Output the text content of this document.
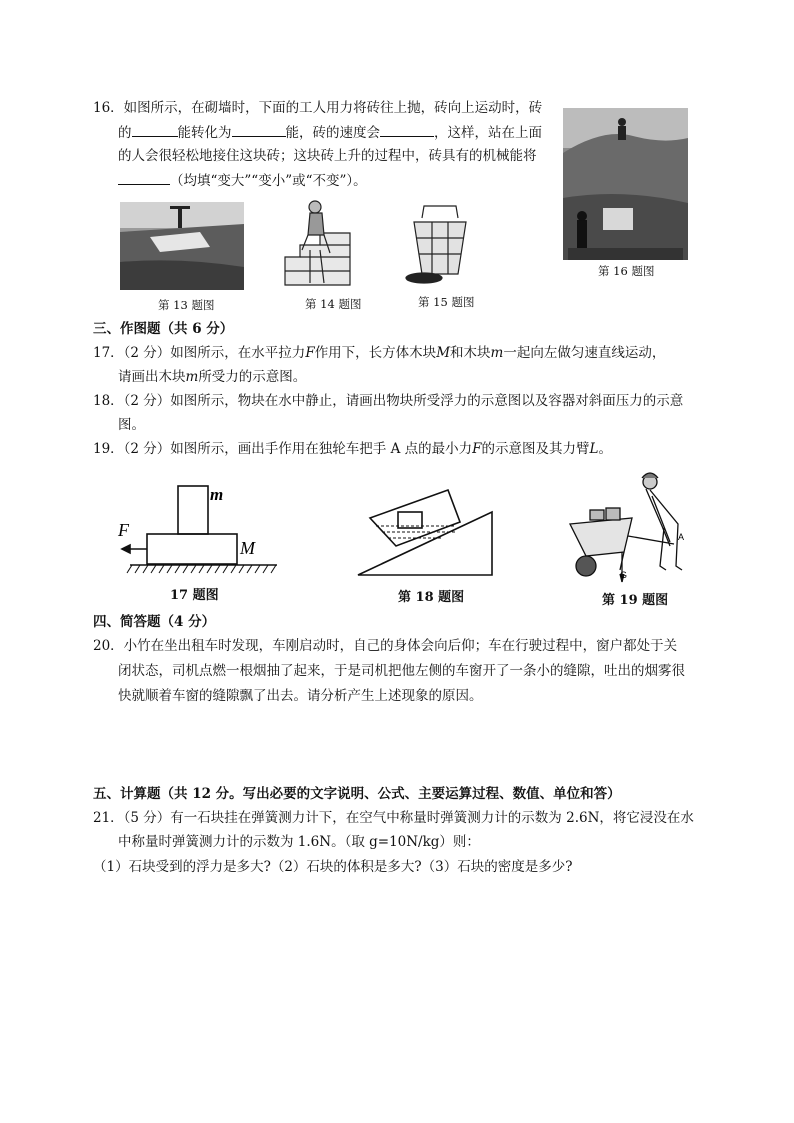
16．如图所示，在砌墙时，下面的工人用力将砖往上抛，砖向上运动时，砖
的	能转化为	能，砖的速度会	，这样，站在上面
的人会很轻松地接住这块砖；这块砖上升的过程中，砖具有的机械能将
（均填“变大”“变小”或“不变”）。
第 16 题图
第 13 题图	第 14 题图	第 15 题图
三、作图题（共 6 分）
17．（2 分）如图所示，在水平拉力F作用下，长方体木块M和木块m一起向左做匀速直线运动，
请画出木块m所受力的示意图。
18．（2 分）如图所示，物块在水中静止，请画出物块所受浮力的示意图以及容器对斜面压力的示意
图。
19．（2 分）如图所示，画出手作用在独轮车把手 A 点的最小力F的示意图及其力臂L。
F
m
M
17 题图	第 18 题图
A
G
第 19 题图
四、简答题（4 分）
20．小竹在坐出租车时发现，车刚启动时，自己的身体会向后仰；车在行驶过程中，窗户都处于关
闭状态，司机点燃一根烟抽了起来，于是司机把他左侧的车窗开了一条小的缝隙，吐出的烟雾很
快就顺着车窗的缝隙飘了出去。请分析产生上述现象的原因。
五、计算题（共 12 分。写出必要的文字说明、公式、主要运算过程、数值、单位和答）
21．（5 分）有一石块挂在弹簧测力计下，在空气中称量时弹簧测力计的示数为 2.6N，将它浸没在水
中称量时弹簧测力计的示数为 1.6N。（取 g=10N/kg）则：
（1）石块受到的浮力是多大?（2）石块的体积是多大?（3）石块的密度是多少?
